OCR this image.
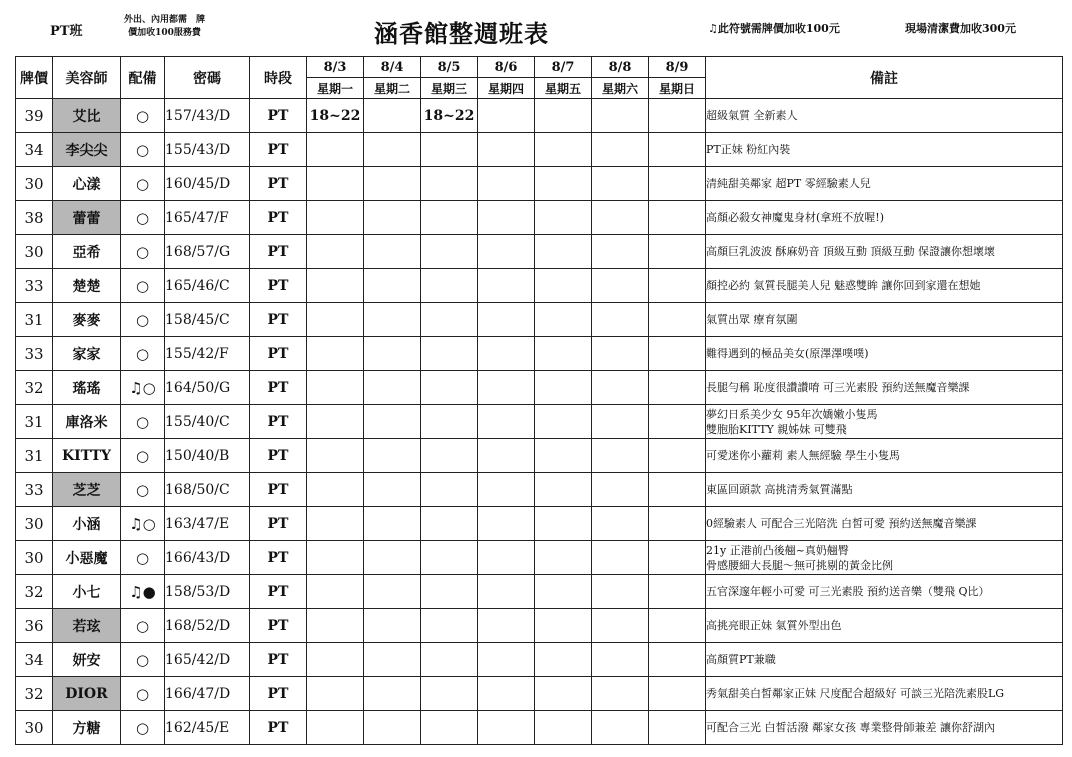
PT班
外出、內用都需　牌
價加收100服務費	涵香館整週班表	♫此符號需牌價加收100元	現場清潔費加收300元
牌價	美容師	配備	密碼	時段	8/3	8/4	8/5	8/6	8/7	8/8	8/9	備註
					星期一	星期二	星期三	星期四	星期五	星期六	星期日	
39	艾比	○	157/43/D	PT	18~22		18~22					超級氣質 全新素人

34	李尖尖	○	155/43/D	PT								PT正妹 粉紅內裝

30	心漾	○	160/45/D	PT								清純甜美鄰家 超PT 零經驗素人兒

38	蕾蕾	○	165/47/F	PT								高顏必殺女神魔鬼身材(拿班不放喔!)

30	亞希	○	168/57/G	PT								高顏巨乳波波 酥麻奶音 頂級互動 頂級互動 保證讓你想壞壞

33	楚楚	○	165/46/C	PT								顏控必約 氣質長腿美人兒 魅惑雙眸 讓你回到家還在想她

31	麥麥	○	158/45/C	PT								氣質出眾 療育氛圍

33	家家	○	155/42/F	PT								難得遇到的極品美女(原澤澤噗噗)

32	瑤瑤	♫○	164/50/G	PT								長腿勻稱 恥度很讚讚唷 可三光素股 預約送無魔音樂課

31	庫洛米	○	155/40/C	PT								夢幻日系美少女 95年次嬌嫩小隻馬
雙胞胎KITTY 親姊妹 可雙飛

31	KITTY	○	150/40/B	PT								可愛迷你小蘿莉 素人無經驗 學生小隻馬

33	芝芝	○	168/50/C	PT								東區回頭款 高挑清秀氣質滿點

30	小涵	♫○	163/47/E	PT								0經驗素人 可配合三光陪洗 白皙可愛 預約送無魔音樂課

30	小惡魔	○	166/43/D	PT								21y 正港前凸後翹~真奶翹臀
骨感腰細大長腿～無可挑剔的黃金比例

32	小七	♫●	158/53/D	PT								五官深邃年輕小可愛 可三光素股 預約送音樂（雙飛 Q比）

36	若玹	○	168/52/D	PT								高挑亮眼正妹 氣質外型出色

34	妍安	○	165/42/D	PT								高顏質PT兼職

32	DIOR	○	166/47/D	PT								秀氣甜美白皙鄰家正妹 尺度配合超級好 可談三光陪洗素股LG

30	方糖	○	162/45/E	PT								可配合三光 白皙活潑 鄰家女孩 專業整骨師兼差 讓你舒湖內
